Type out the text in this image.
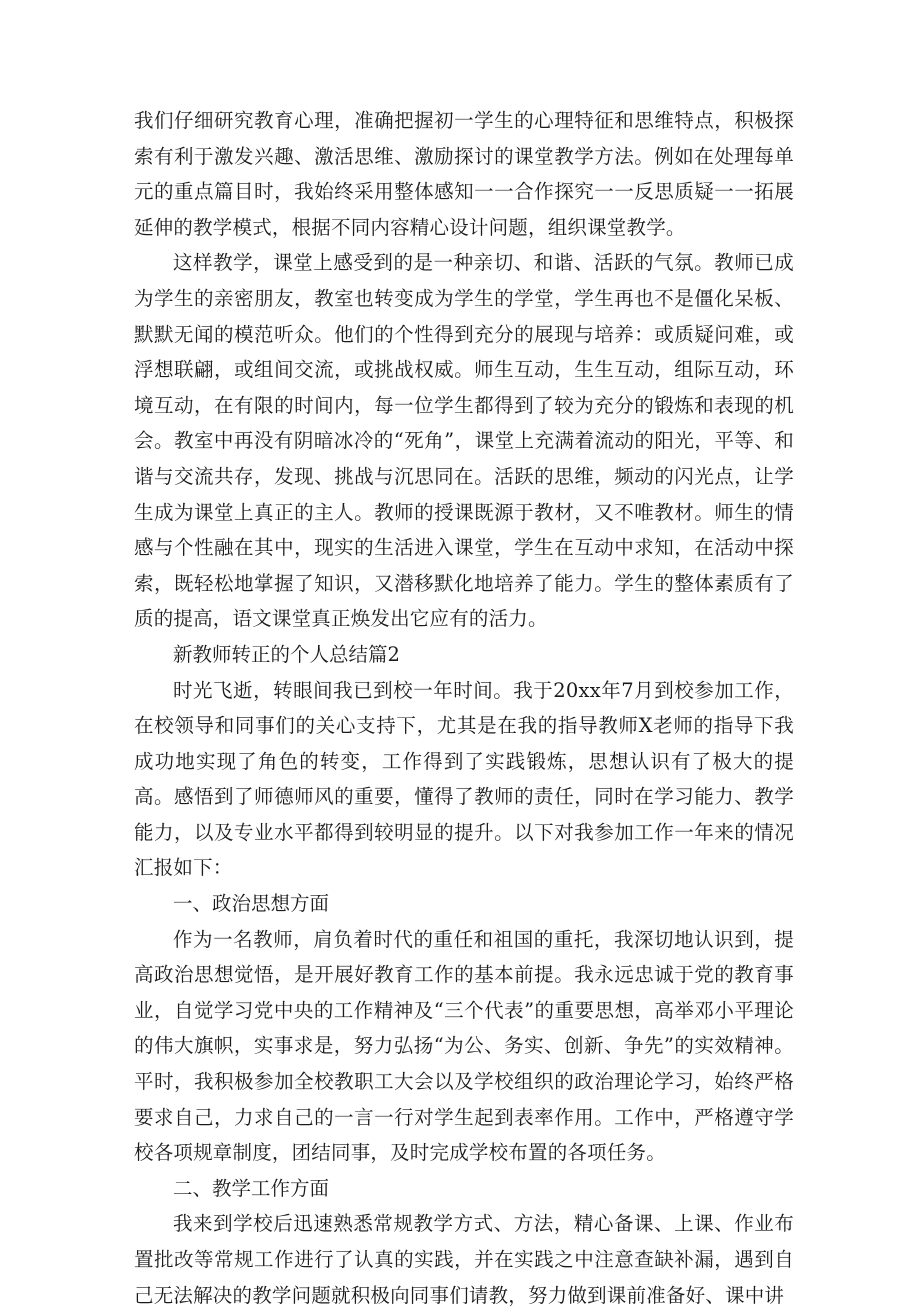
我们仔细研究教育心理，准确把握初一学生的心理特征和思维特点，积极探索有利于激发兴趣、激活思维、激励探讨的课堂教学方法。例如在处理每单元的重点篇目时，我始终采用整体感知一一合作探究一一反思质疑一一拓展延伸的教学模式，根据不同内容精心设计问题，组织课堂教学。

这样教学，课堂上感受到的是一种亲切、和谐、活跃的气氛。教师已成为学生的亲密朋友，教室也转变成为学生的学堂，学生再也不是僵化呆板、默默无闻的模范听众。他们的个性得到充分的展现与培养：或质疑问难，或浮想联翩，或组间交流，或挑战权威。师生互动，生生互动，组际互动，环境互动，在有限的时间内，每一位学生都得到了较为充分的锻炼和表现的机会。教室中再没有阴暗冰冷的“死角”，课堂上充满着流动的阳光，平等、和谐与交流共存，发现、挑战与沉思同在。活跃的思维，频动的闪光点，让学生成为课堂上真正的主人。教师的授课既源于教材，又不唯教材。师生的情感与个性融在其中，现实的生活进入课堂，学生在互动中求知，在活动中探索，既轻松地掌握了知识，又潜移默化地培养了能力。学生的整体素质有了质的提高，语文课堂真正焕发出它应有的活力。

新教师转正的个人总结篇2

时光飞逝，转眼间我已到校一年时间。我于20xx年7月到校参加工作，在校领导和同事们的关心支持下，尤其是在我的指导教师X老师的指导下我成功地实现了角色的转变，工作得到了实践锻炼，思想认识有了极大的提高。感悟到了师德师风的重要，懂得了教师的责任，同时在学习能力、教学能力，以及专业水平都得到较明显的提升。以下对我参加工作一年来的情况汇报如下：

一、政治思想方面

作为一名教师，肩负着时代的重任和祖国的重托，我深切地认识到，提高政治思想觉悟，是开展好教育工作的基本前提。我永远忠诚于党的教育事业，自觉学习党中央的工作精神及“三个代表”的重要思想，高举邓小平理论的伟大旗帜，实事求是，努力弘扬“为公、务实、创新、争先”的实效精神。平时，我积极参加全校教职工大会以及学校组织的政治理论学习，始终严格要求自己，力求自己的一言一行对学生起到表率作用。工作中，严格遵守学校各项规章制度，团结同事，及时完成学校布置的各项任务。

二、教学工作方面

我来到学校后迅速熟悉常规教学方式、方法，精心备课、上课、作业布置批改等常规工作进行了认真的实践，并在实践之中注意查缺补漏，遇到自己无法解决的教学问题就积极向同事们请教，努力做到课前准备好、课中讲
